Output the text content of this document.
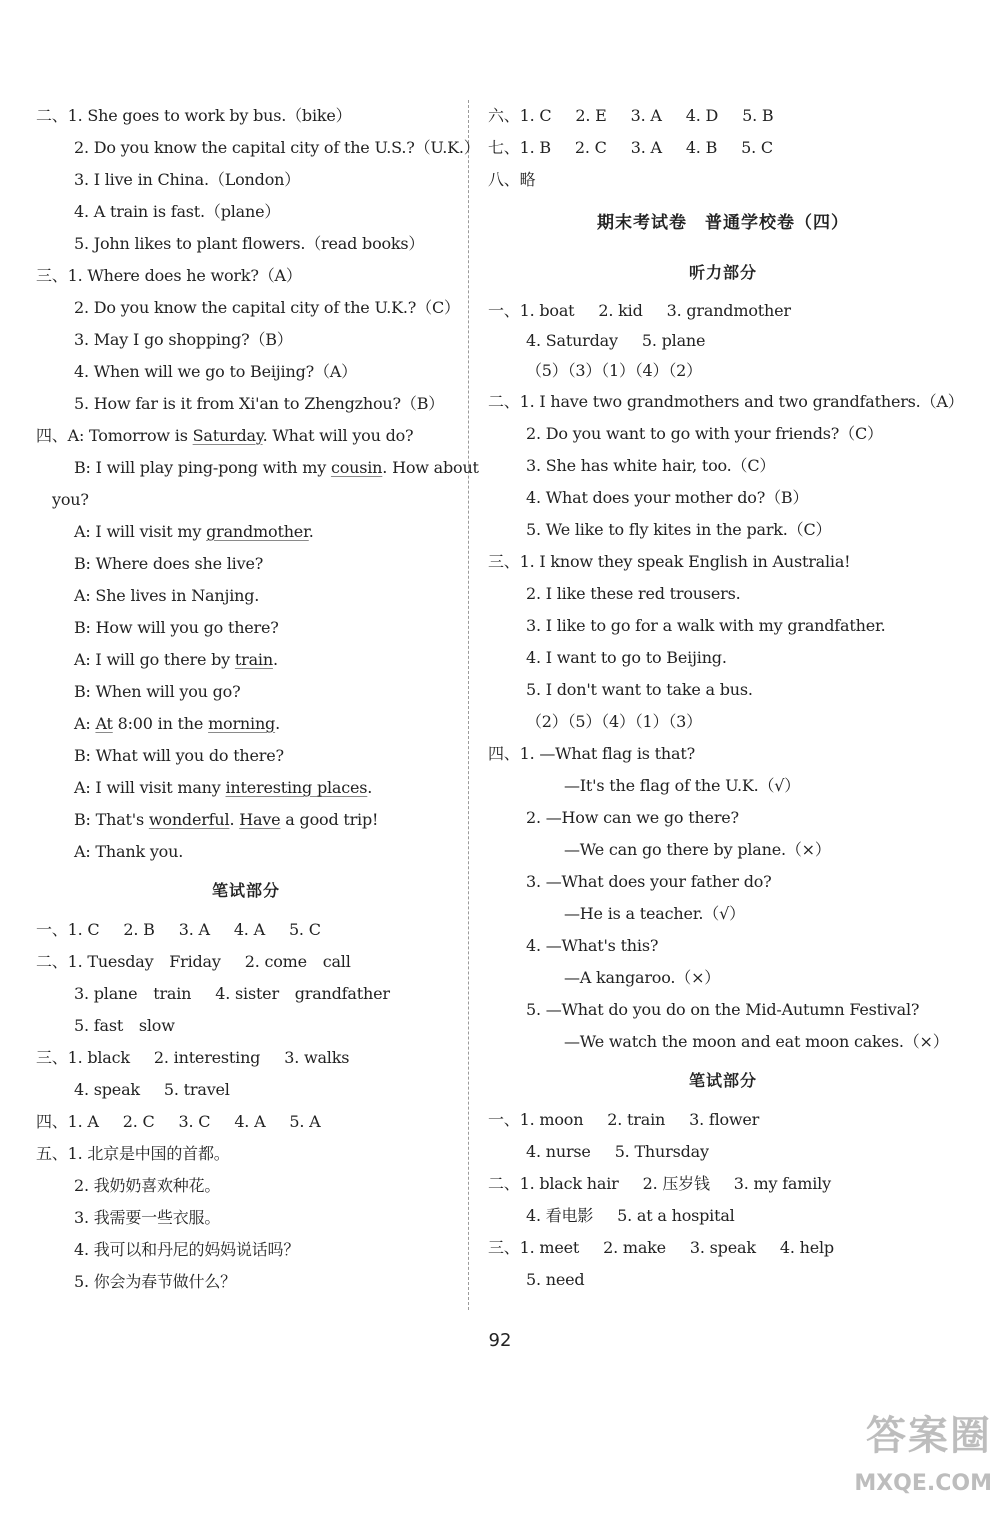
二、1. She goes to work by bus.（bike）
2. Do you know the capital city of the U.S.?（U.K.）
3. I live in China.（London）
4. A train is fast.（plane）
5. John likes to plant flowers.（read books）
三、1. Where does he work?（A）
2. Do you know the capital city of the U.K.?（C）
3. May I go shopping?（B）
4. When will we go to Beijing?（A）
5. How far is it from Xi'an to Zhengzhou?（B）
四、A: Tomorrow is Saturday. What will you do?
B: I will play ping-pong with my cousin. How about
you?
A: I will visit my grandmother.
B: Where does she live?
A: She lives in Nanjing.
B: How will you go there?
A: I will go there by train.
B: When will you go?
A: At 8:00 in the morning.
B: What will you do there?
A: I will visit many interesting places.
B: That's wonderful. Have a good trip!
A: Thank you.
笔试部分
一、1. C 2. B 3. A 4. A 5. C
二、1. Tuesday　Friday 2. come　call
3. plane　train 4. sister　grandfather
5. fast　slow
三、1. black 2. interesting 3. walks
4. speak 5. travel
四、1. A 2. C 3. C 4. A 5. A
五、1. 北京是中国的首都。
2. 我奶奶喜欢种花。
3. 我需要一些衣服。
4. 我可以和丹尼的妈妈说话吗？
5. 你会为春节做什么？
六、1. C 2. E 3. A 4. D 5. B
七、1. B 2. C 3. A 4. B 5. C
八、略
期末考试卷　普通学校卷（四）
听力部分
一、1. boat 2. kid 3. grandmother
4. Saturday 5. plane
（5）（3）（1）（4）（2）
二、1. I have two grandmothers and two grandfathers.（A）
2. Do you want to go with your friends?（C）
3. She has white hair, too.（C）
4. What does your mother do?（B）
5. We like to fly kites in the park.（C）
三、1. I know they speak English in Australia!
2. I like these red trousers.
3. I like to go for a walk with my grandfather.
4. I want to go to Beijing.
5. I don't want to take a bus.
（2）（5）（4）（1）（3）
四、1. —What flag is that?
—It's the flag of the U.K.（√）
2. —How can we go there?
—We can go there by plane.（×）
3. —What does your father do?
—He is a teacher.（√）
4. —What's this?
—A kangaroo.（×）
5. —What do you do on the Mid-Autumn Festival?
—We watch the moon and eat moon cakes.（×）
笔试部分
一、1. moon 2. train 3. flower
4. nurse 5. Thursday
二、1. black hair 2. 压岁钱 3. my family
4. 看电影 5. at a hospital
三、1. meet 2. make 3. speak 4. help
5. need
92
答案圈
MXQE.COM
